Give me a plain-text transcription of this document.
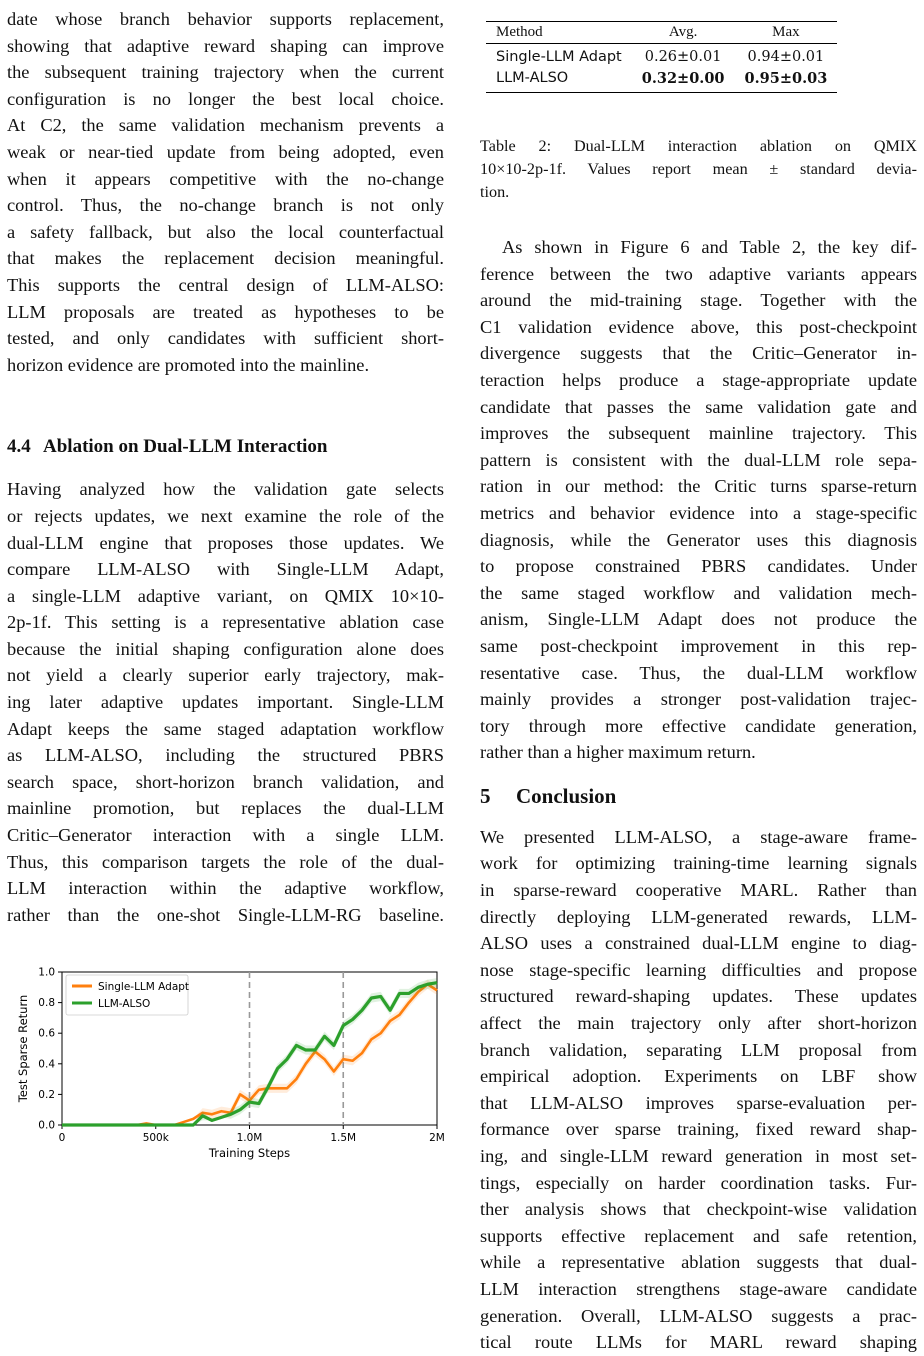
date whose branch behavior supports replacement,
showing that adaptive reward shaping can improve
the subsequent training trajectory when the current
configuration is no longer the best local choice.
At C2, the same validation mechanism prevents a
weak or near-tied update from being adopted, even
when it appears competitive with the no-change
control. Thus, the no-change branch is not only
a safety fallback, but also the local counterfactual
that makes the replacement decision meaningful.
This supports the central design of LLM-ALSO:
LLM proposals are treated as hypotheses to be
tested, and only candidates with sufficient short-
horizon evidence are promoted into the mainline.

4.4 Ablation on Dual-LLM Interaction

Having analyzed how the validation gate selects
or rejects updates, we next examine the role of the
dual-LLM engine that proposes those updates. We
compare LLM-ALSO with Single-LLM Adapt,
a single-LLM adaptive variant, on QMIX 10×10-
2p-1f. This setting is a representative ablation case
because the initial shaping configuration alone does
not yield a clearly superior early trajectory, mak-
ing later adaptive updates important. Single-LLM
Adapt keeps the same staged adaptation workflow
as LLM-ALSO, including the structured PBRS
search space, short-horizon branch validation, and
mainline promotion, but replaces the dual-LLM
Critic–Generator interaction with a single LLM.
Thus, this comparison targets the role of the dual-
LLM interaction within the adaptive workflow,
rather than the one-shot Single-LLM-RG baseline.

0	500k	1.0M	1.5M	2M
0.0
0.2
0.4
0.6
0.8
1.0
Training Steps
Test Sparse Return
Single-LLM Adapt
LLM-ALSO
Method	Avg.	Max
Single-LLM Adapt	0.26±0.01	0.94±0.01
LLM-ALSO	0.32±0.00	0.95±0.03

Table 2: Dual-LLM interaction ablation on QMIX
10×10-2p-1f. Values report mean ± standard devia-
tion.

As shown in Figure 6 and Table 2, the key dif-
ference between the two adaptive variants appears
around the mid-training stage. Together with the
C1 validation evidence above, this post-checkpoint
divergence suggests that the Critic–Generator in-
teraction helps produce a stage-appropriate update
candidate that passes the same validation gate and
improves the subsequent mainline trajectory. This
pattern is consistent with the dual-LLM role sepa-
ration in our method: the Critic turns sparse-return
metrics and behavior evidence into a stage-specific
diagnosis, while the Generator uses this diagnosis
to propose constrained PBRS candidates. Under
the same staged workflow and validation mech-
anism, Single-LLM Adapt does not produce the
same post-checkpoint improvement in this rep-
resentative case. Thus, the dual-LLM workflow
mainly provides a stronger post-validation trajec-
tory through more effective candidate generation,
rather than a higher maximum return.

5 Conclusion

We presented LLM-ALSO, a stage-aware frame-
work for optimizing training-time learning signals
in sparse-reward cooperative MARL. Rather than
directly deploying LLM-generated rewards, LLM-
ALSO uses a constrained dual-LLM engine to diag-
nose stage-specific learning difficulties and propose
structured reward-shaping updates. These updates
affect the main trajectory only after short-horizon
branch validation, separating LLM proposal from
empirical adoption. Experiments on LBF show
that LLM-ALSO improves sparse-evaluation per-
formance over sparse training, fixed reward shap-
ing, and single-LLM reward generation in most set-
tings, especially on harder coordination tasks. Fur-
ther analysis shows that checkpoint-wise validation
supports effective replacement and safe retention,
while a representative ablation suggests that dual-
LLM interaction strengthens stage-aware candidate
generation. Overall, LLM-ALSO suggests a prac-
tical route LLMs for MARL reward shaping
